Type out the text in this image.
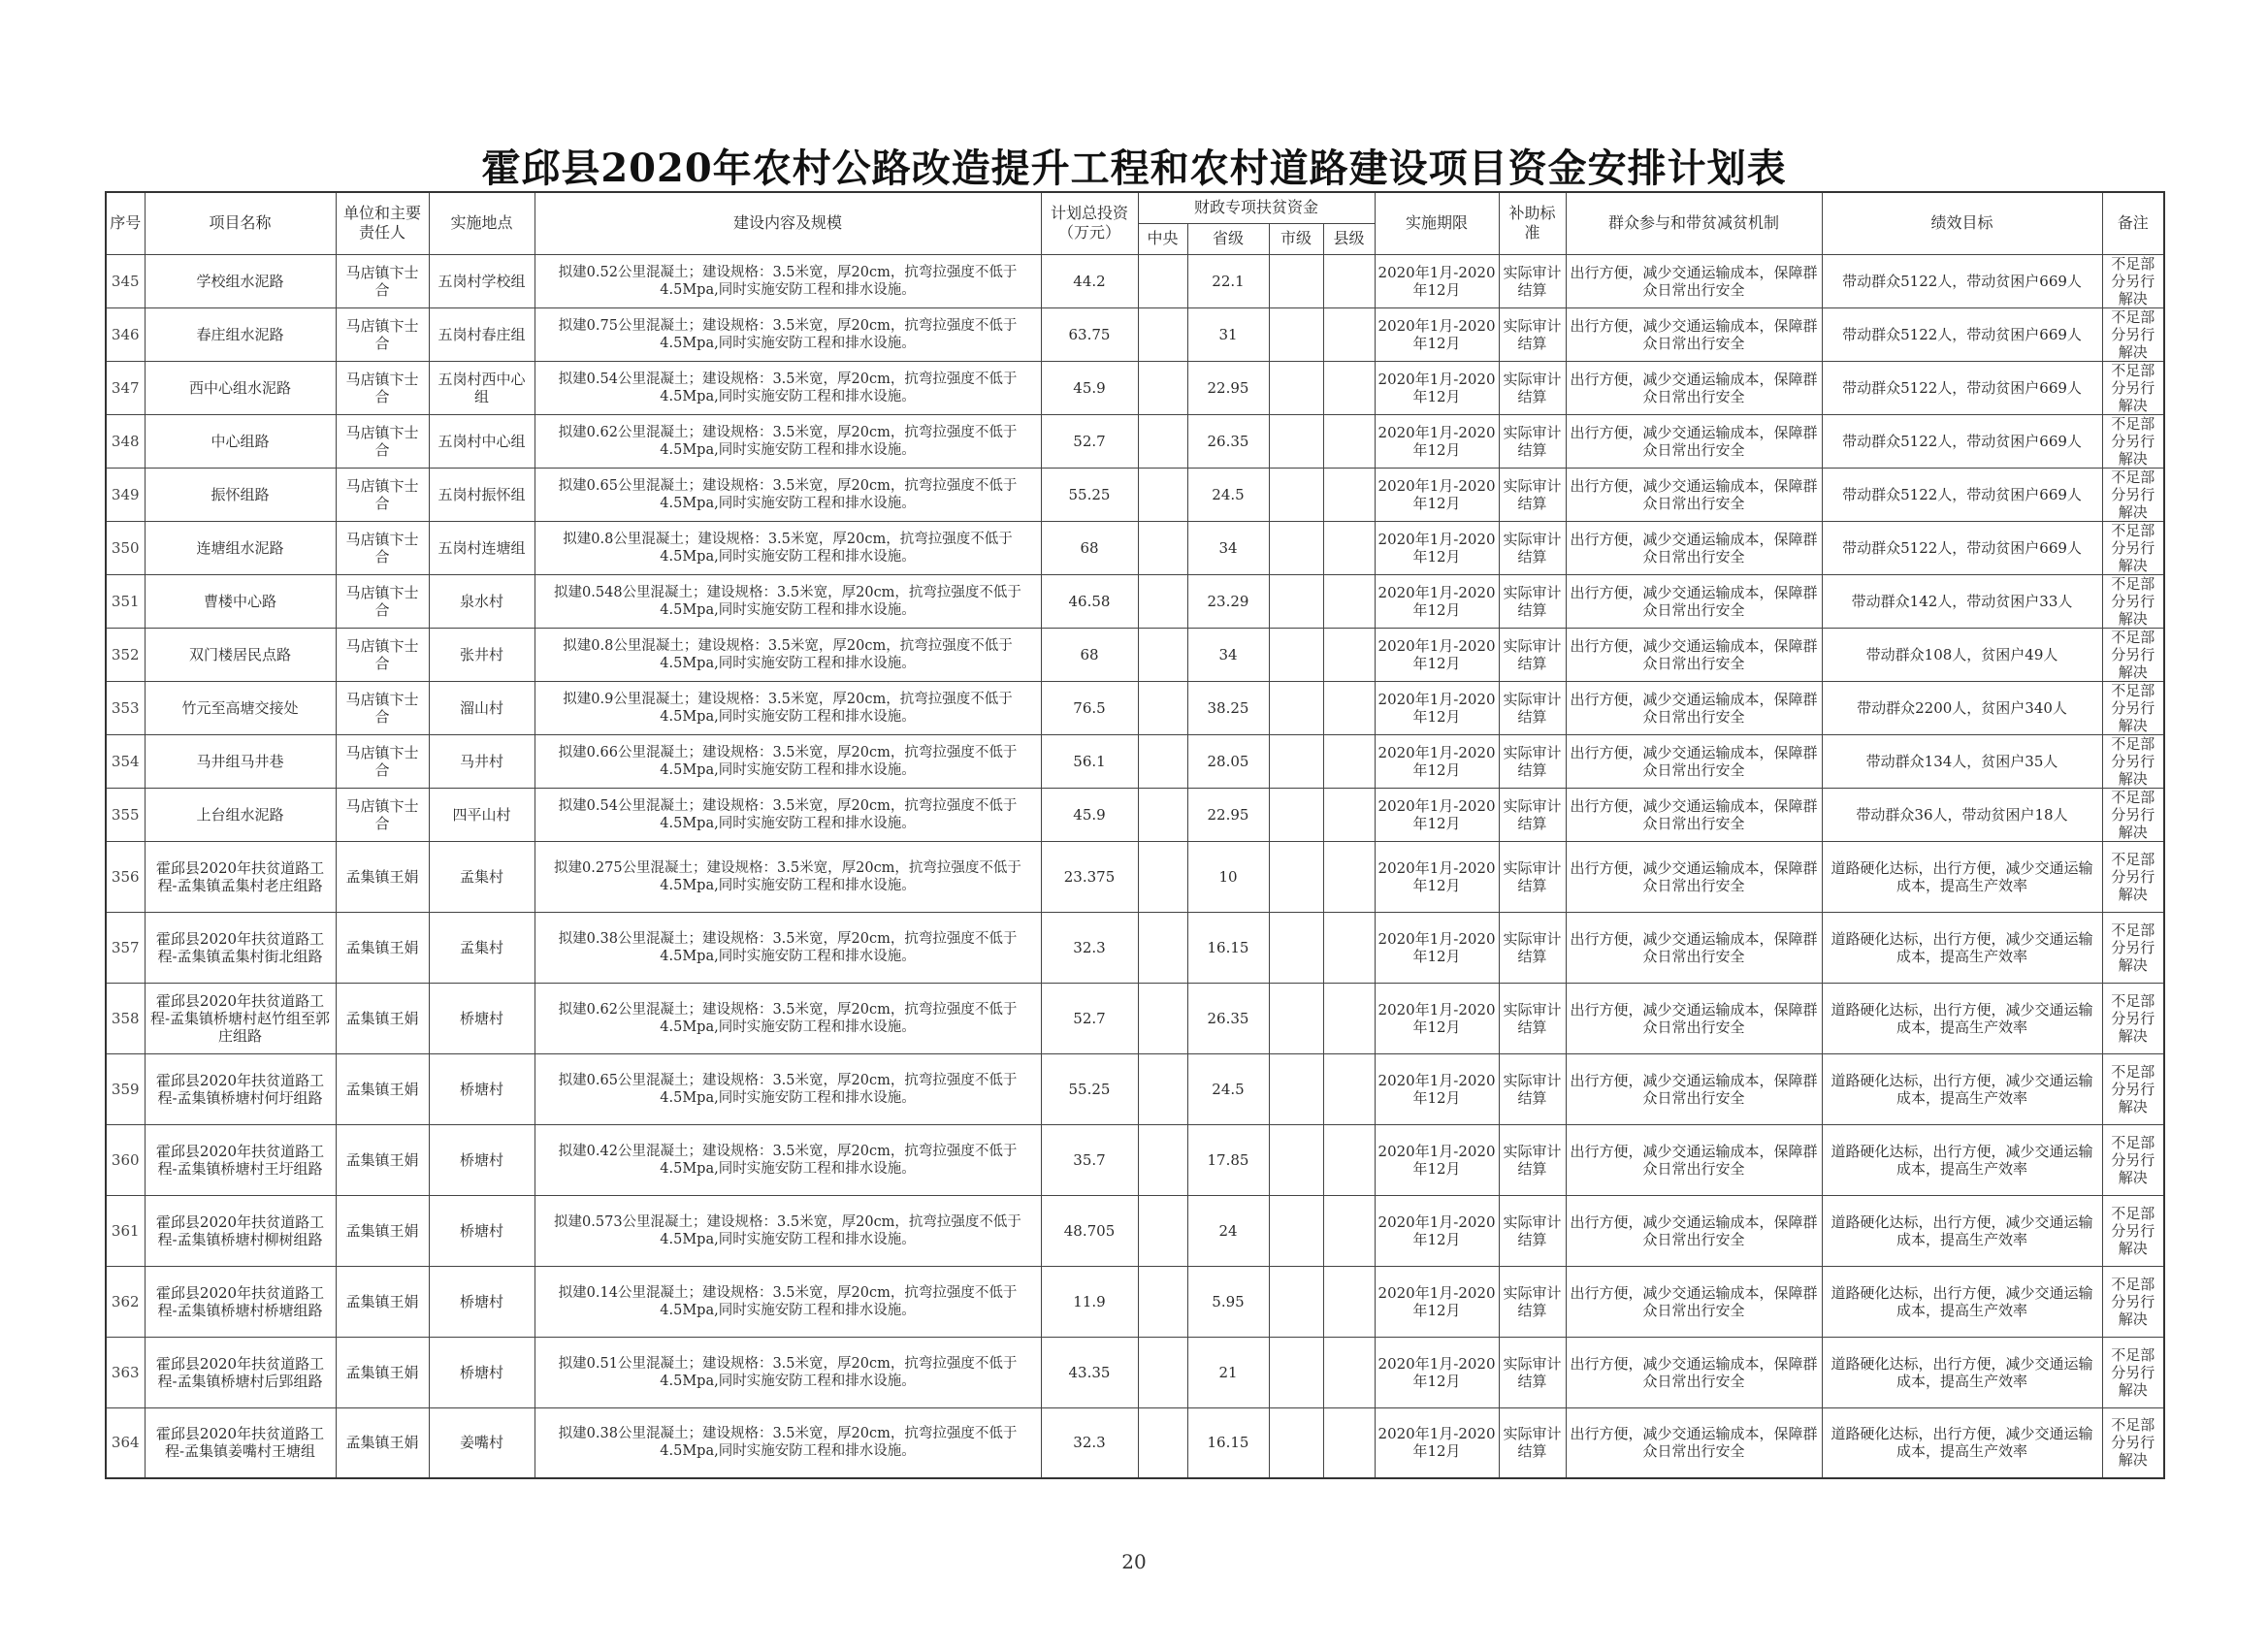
霍邱县2020年农村公路改造提升工程和农村道路建设项目资金安排计划表
序号	项目名称	单位和主要责任人	实施地点	建设内容及规模	计划总投资（万元）	财政专项扶贫资金				实施期限	补助标准	群众参与和带贫减贫机制	绩效目标	备注
						中央	省级	市级	县级					
345	学校组水泥路	马店镇卞士合	五岗村学校组	拟建0.52公里混凝土；建设规格：3.5米宽，厚20cm，抗弯拉强度不低于4.5Mpa,同时实施安防工程和排水设施。	44.2		22.1			2020年1月-2020年12月	实际审计结算	出行方便，减少交通运输成本，保障群众日常出行安全	带动群众5122人，带动贫困户669人	不足部分另行解决
346	春庄组水泥路	马店镇卞士合	五岗村春庄组	拟建0.75公里混凝土；建设规格：3.5米宽，厚20cm，抗弯拉强度不低于4.5Mpa,同时实施安防工程和排水设施。	63.75		31			2020年1月-2020年12月	实际审计结算	出行方便，减少交通运输成本，保障群众日常出行安全	带动群众5122人，带动贫困户669人	不足部分另行解决
347	西中心组水泥路	马店镇卞士合	五岗村西中心组	拟建0.54公里混凝土；建设规格：3.5米宽，厚20cm，抗弯拉强度不低于4.5Mpa,同时实施安防工程和排水设施。	45.9		22.95			2020年1月-2020年12月	实际审计结算	出行方便，减少交通运输成本，保障群众日常出行安全	带动群众5122人，带动贫困户669人	不足部分另行解决
348	中心组路	马店镇卞士合	五岗村中心组	拟建0.62公里混凝土；建设规格：3.5米宽，厚20cm，抗弯拉强度不低于4.5Mpa,同时实施安防工程和排水设施。	52.7		26.35			2020年1月-2020年12月	实际审计结算	出行方便，减少交通运输成本，保障群众日常出行安全	带动群众5122人，带动贫困户669人	不足部分另行解决
349	振怀组路	马店镇卞士合	五岗村振怀组	拟建0.65公里混凝土；建设规格：3.5米宽，厚20cm，抗弯拉强度不低于4.5Mpa,同时实施安防工程和排水设施。	55.25		24.5			2020年1月-2020年12月	实际审计结算	出行方便，减少交通运输成本，保障群众日常出行安全	带动群众5122人，带动贫困户669人	不足部分另行解决
350	连塘组水泥路	马店镇卞士合	五岗村连塘组	拟建0.8公里混凝土；建设规格：3.5米宽，厚20cm，抗弯拉强度不低于4.5Mpa,同时实施安防工程和排水设施。	68		34			2020年1月-2020年12月	实际审计结算	出行方便，减少交通运输成本，保障群众日常出行安全	带动群众5122人，带动贫困户669人	不足部分另行解决
351	曹楼中心路	马店镇卞士合	泉水村	拟建0.548公里混凝土；建设规格：3.5米宽，厚20cm，抗弯拉强度不低于4.5Mpa,同时实施安防工程和排水设施。	46.58		23.29			2020年1月-2020年12月	实际审计结算	出行方便，减少交通运输成本，保障群众日常出行安全	带动群众142人，带动贫困户33人	不足部分另行解决
352	双门楼居民点路	马店镇卞士合	张井村	拟建0.8公里混凝土；建设规格：3.5米宽，厚20cm，抗弯拉强度不低于4.5Mpa,同时实施安防工程和排水设施。	68		34			2020年1月-2020年12月	实际审计结算	出行方便，减少交通运输成本，保障群众日常出行安全	带动群众108人，贫困户49人	不足部分另行解决
353	竹元至高塘交接处	马店镇卞士合	溜山村	拟建0.9公里混凝土；建设规格：3.5米宽，厚20cm，抗弯拉强度不低于4.5Mpa,同时实施安防工程和排水设施。	76.5		38.25			2020年1月-2020年12月	实际审计结算	出行方便，减少交通运输成本，保障群众日常出行安全	带动群众2200人，贫困户340人	不足部分另行解决
354	马井组马井巷	马店镇卞士合	马井村	拟建0.66公里混凝土；建设规格：3.5米宽，厚20cm，抗弯拉强度不低于4.5Mpa,同时实施安防工程和排水设施。	56.1		28.05			2020年1月-2020年12月	实际审计结算	出行方便，减少交通运输成本，保障群众日常出行安全	带动群众134人，贫困户35人	不足部分另行解决
355	上台组水泥路	马店镇卞士合	四平山村	拟建0.54公里混凝土；建设规格：3.5米宽，厚20cm，抗弯拉强度不低于4.5Mpa,同时实施安防工程和排水设施。	45.9		22.95			2020年1月-2020年12月	实际审计结算	出行方便，减少交通运输成本，保障群众日常出行安全	带动群众36人，带动贫困户18人	不足部分另行解决
356	霍邱县2020年扶贫道路工程-孟集镇孟集村老庄组路	孟集镇王娟	孟集村	拟建0.275公里混凝土；建设规格：3.5米宽，厚20cm，抗弯拉强度不低于4.5Mpa,同时实施安防工程和排水设施。	23.375		10			2020年1月-2020年12月	实际审计结算	出行方便，减少交通运输成本，保障群众日常出行安全	道路硬化达标，出行方便，减少交通运输成本，提高生产效率	不足部分另行解决
357	霍邱县2020年扶贫道路工程-孟集镇孟集村街北组路	孟集镇王娟	孟集村	拟建0.38公里混凝土；建设规格：3.5米宽，厚20cm，抗弯拉强度不低于4.5Mpa,同时实施安防工程和排水设施。	32.3		16.15			2020年1月-2020年12月	实际审计结算	出行方便，减少交通运输成本，保障群众日常出行安全	道路硬化达标，出行方便，减少交通运输成本，提高生产效率	不足部分另行解决
358	霍邱县2020年扶贫道路工程-孟集镇桥塘村赵竹组至郭庄组路	孟集镇王娟	桥塘村	拟建0.62公里混凝土；建设规格：3.5米宽，厚20cm，抗弯拉强度不低于4.5Mpa,同时实施安防工程和排水设施。	52.7		26.35			2020年1月-2020年12月	实际审计结算	出行方便，减少交通运输成本，保障群众日常出行安全	道路硬化达标，出行方便，减少交通运输成本，提高生产效率	不足部分另行解决
359	霍邱县2020年扶贫道路工程-孟集镇桥塘村何圩组路	孟集镇王娟	桥塘村	拟建0.65公里混凝土；建设规格：3.5米宽，厚20cm，抗弯拉强度不低于4.5Mpa,同时实施安防工程和排水设施。	55.25		24.5			2020年1月-2020年12月	实际审计结算	出行方便，减少交通运输成本，保障群众日常出行安全	道路硬化达标，出行方便，减少交通运输成本，提高生产效率	不足部分另行解决
360	霍邱县2020年扶贫道路工程-孟集镇桥塘村王圩组路	孟集镇王娟	桥塘村	拟建0.42公里混凝土；建设规格：3.5米宽，厚20cm，抗弯拉强度不低于4.5Mpa,同时实施安防工程和排水设施。	35.7		17.85			2020年1月-2020年12月	实际审计结算	出行方便，减少交通运输成本，保障群众日常出行安全	道路硬化达标，出行方便，减少交通运输成本，提高生产效率	不足部分另行解决
361	霍邱县2020年扶贫道路工程-孟集镇桥塘村柳树组路	孟集镇王娟	桥塘村	拟建0.573公里混凝土；建设规格：3.5米宽，厚20cm，抗弯拉强度不低于4.5Mpa,同时实施安防工程和排水设施。	48.705		24			2020年1月-2020年12月	实际审计结算	出行方便，减少交通运输成本，保障群众日常出行安全	道路硬化达标，出行方便，减少交通运输成本，提高生产效率	不足部分另行解决
362	霍邱县2020年扶贫道路工程-孟集镇桥塘村桥塘组路	孟集镇王娟	桥塘村	拟建0.14公里混凝土；建设规格：3.5米宽，厚20cm，抗弯拉强度不低于4.5Mpa,同时实施安防工程和排水设施。	11.9		5.95			2020年1月-2020年12月	实际审计结算	出行方便，减少交通运输成本，保障群众日常出行安全	道路硬化达标，出行方便，减少交通运输成本，提高生产效率	不足部分另行解决
363	霍邱县2020年扶贫道路工程-孟集镇桥塘村后郢组路	孟集镇王娟	桥塘村	拟建0.51公里混凝土；建设规格：3.5米宽，厚20cm，抗弯拉强度不低于4.5Mpa,同时实施安防工程和排水设施。	43.35		21			2020年1月-2020年12月	实际审计结算	出行方便，减少交通运输成本，保障群众日常出行安全	道路硬化达标，出行方便，减少交通运输成本，提高生产效率	不足部分另行解决
364	霍邱县2020年扶贫道路工程-孟集镇姜嘴村王塘组	孟集镇王娟	姜嘴村	拟建0.38公里混凝土；建设规格：3.5米宽，厚20cm，抗弯拉强度不低于4.5Mpa,同时实施安防工程和排水设施。	32.3		16.15			2020年1月-2020年12月	实际审计结算	出行方便，减少交通运输成本，保障群众日常出行安全	道路硬化达标，出行方便，减少交通运输成本，提高生产效率	不足部分另行解决
20
